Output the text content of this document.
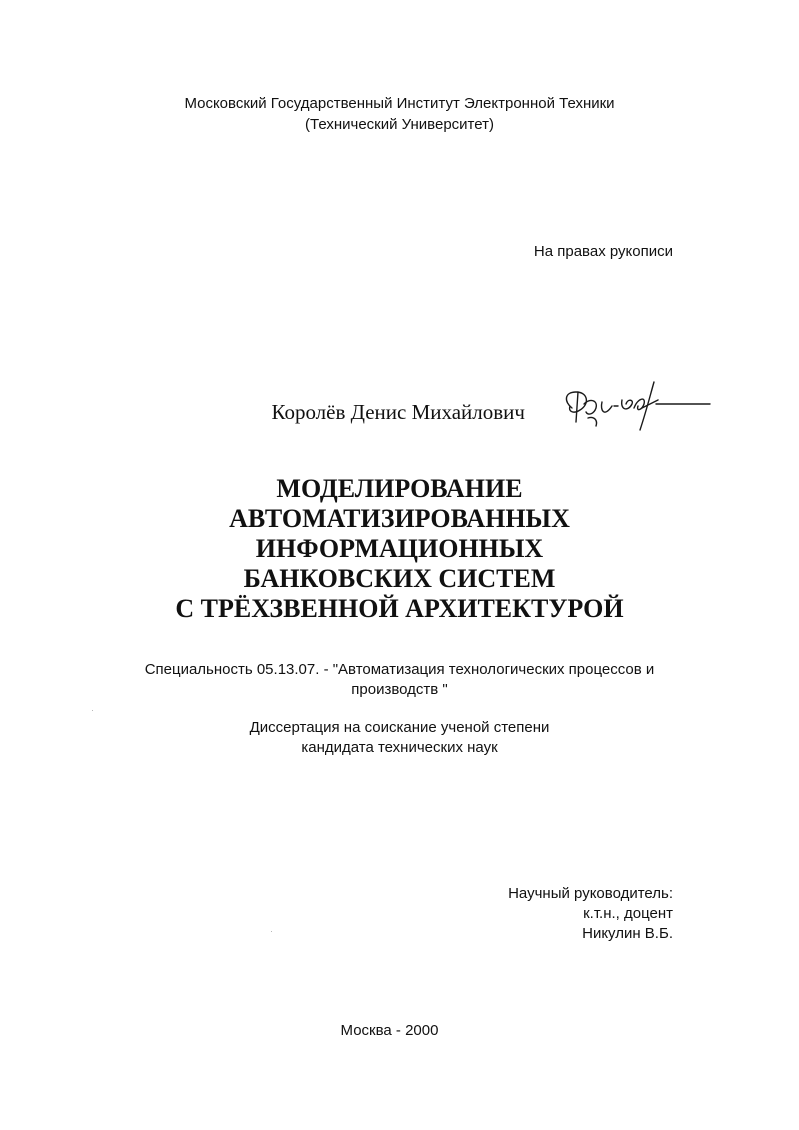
Московский Государственный Институт Электронной Техники
(Технический Университет)
На правах рукописи
Королёв Денис Михайлович
МОДЕЛИРОВАНИЕ
АВТОМАТИЗИРОВАННЫХ
ИНФОРМАЦИОННЫХ
БАНКОВСКИХ СИСТЕМ
С ТРЁХЗВЕННОЙ АРХИТЕКТУРОЙ
Специальность 05.13.07. - "Автоматизация технологических процессов и
производств "
Диссертация на соискание ученой степени
кандидата технических наук
Научный руководитель:
к.т.н., доцент
Никулин В.Б.
Москва - 2000
